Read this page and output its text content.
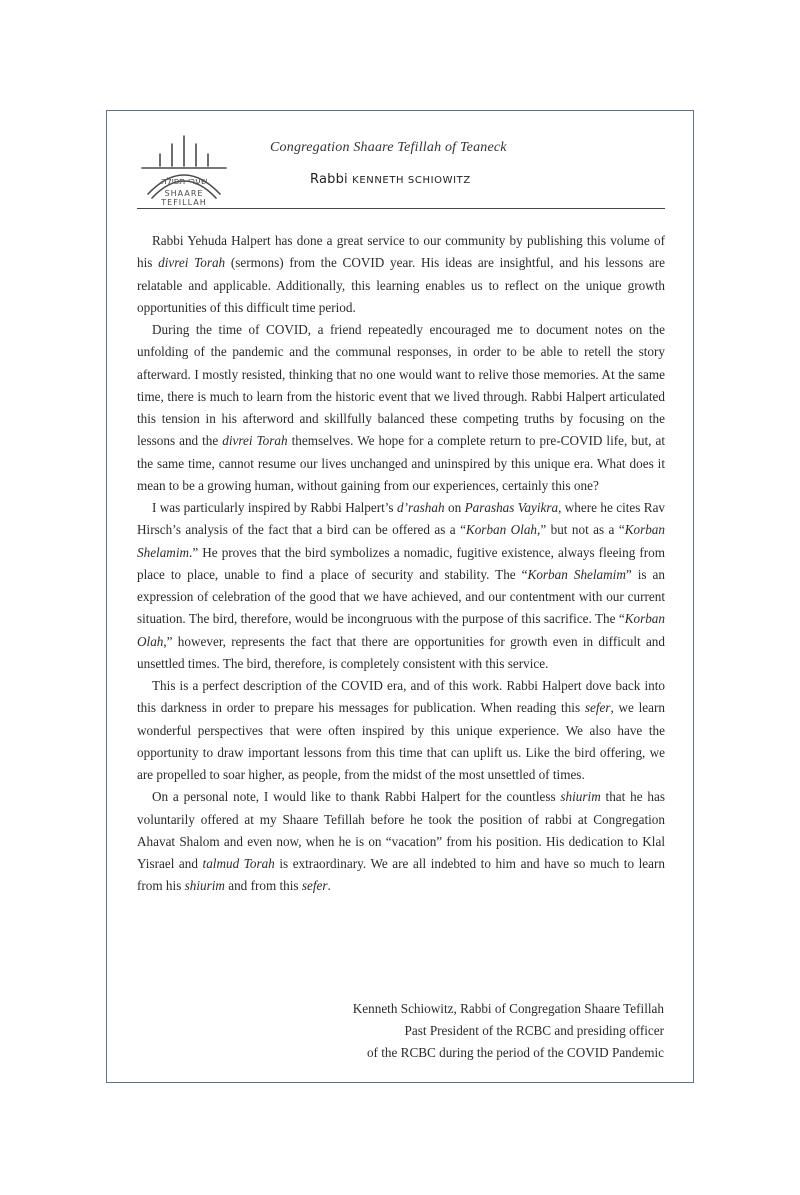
שערי תפילה
SHAARE
TEFILLAH
Congregation Shaare Tefillah of Teaneck
Rabbi KENNETH SCHIOWITZ

Rabbi Yehuda Halpert has done a great service to our community by publishing this volume of his divrei Torah (sermons) from the COVID year. His ideas are insightful, and his lessons are relatable and applicable. Additionally, this learning enables us to reflect on the unique growth opportunities of this difficult time period.

During the time of COVID, a friend repeatedly encouraged me to document notes on the unfolding of the pandemic and the communal responses, in order to be able to retell the story afterward. I mostly resisted, thinking that no one would want to relive those memories. At the same time, there is much to learn from the historic event that we lived through. Rabbi Halpert articulated this tension in his afterword and skillfully balanced these competing truths by focusing on the lessons and the divrei Torah themselves. We hope for a complete return to pre-COVID life, but, at the same time, cannot resume our lives unchanged and uninspired by this unique era. What does it mean to be a growing human, without gaining from our experiences, certainly this one?

I was particularly inspired by Rabbi Halpert’s d’rashah on Parashas Vayikra, where he cites Rav Hirsch’s analysis of the fact that a bird can be offered as a “Korban Olah,” but not as a “Korban Shelamim.” He proves that the bird symbolizes a nomadic, fugitive existence, always fleeing from place to place, unable to find a place of security and stability. The “Korban Shelamim” is an expression of celebration of the good that we have achieved, and our contentment with our current situation. The bird, therefore, would be incongruous with the purpose of this sacrifice. The “Korban Olah,” however, represents the fact that there are opportunities for growth even in difficult and unsettled times. The bird, therefore, is completely consistent with this service.

This is a perfect description of the COVID era, and of this work. Rabbi Halpert dove back into this darkness in order to prepare his messages for publication. When reading this sefer, we learn wonderful perspectives that were often inspired by this unique experience. We also have the opportunity to draw important lessons from this time that can uplift us. Like the bird offering, we are propelled to soar higher, as people, from the midst of the most unsettled of times.

On a personal note, I would like to thank Rabbi Halpert for the countless shiurim that he has voluntarily offered at my Shaare Tefillah before he took the position of rabbi at Congregation Ahavat Shalom and even now, when he is on “vacation” from his position. His dedication to Klal Yisrael and talmud Torah is extraordinary. We are all indebted to him and have so much to learn from his shiurim and from this sefer.

Kenneth Schiowitz, Rabbi of Congregation Shaare Tefillah
Past President of the RCBC and presiding officer
of the RCBC during the period of the COVID Pandemic
